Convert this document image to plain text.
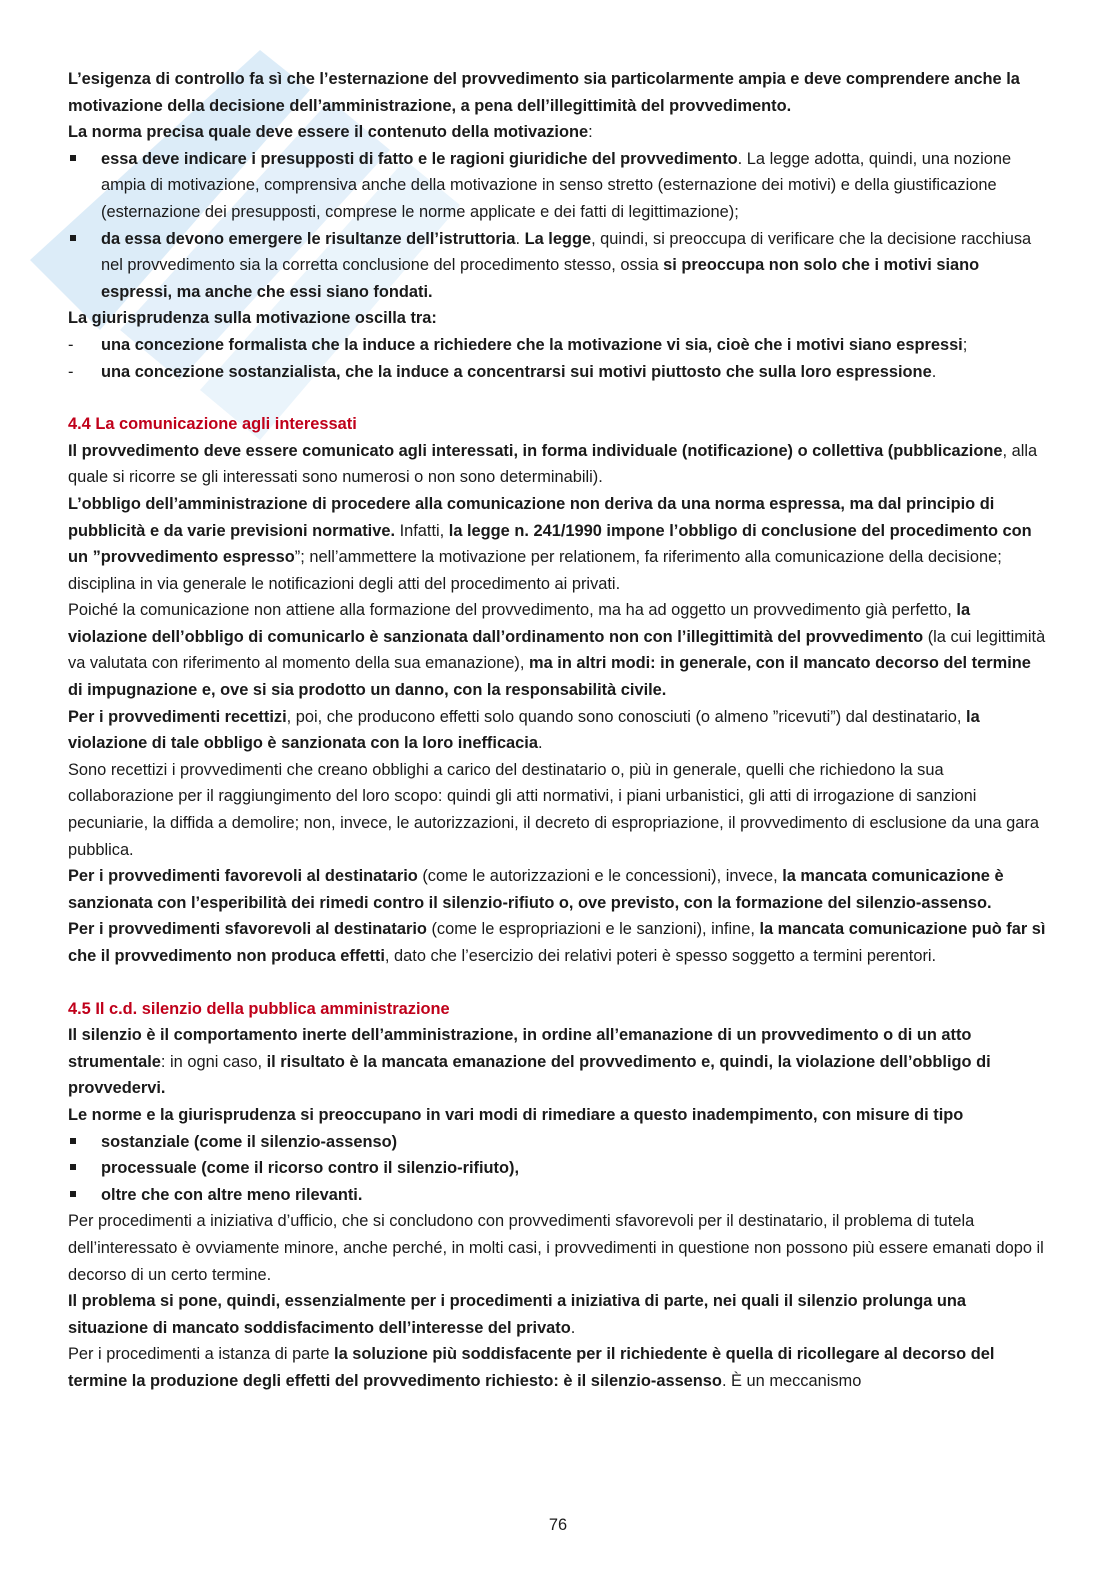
L’esigenza di controllo fa sì che l’esternazione del provvedimento sia particolarmente ampia e deve comprendere anche la motivazione della decisione dell’amministrazione, a pena dell’illegittimità del provvedimento.

La norma precisa quale deve essere il contenuto della motivazione:

essa deve indicare i presupposti di fatto e le ragioni giuridiche del provvedimento. La legge adotta, quindi, una nozione ampia di motivazione, comprensiva anche della motivazione in senso stretto (esternazione dei motivi) e della giustificazione (esternazione dei presupposti, comprese le norme applicate e dei fatti di legittimazione);
da essa devono emergere le risultanze dell’istruttoria. La legge, quindi, si preoccupa di verificare che la decisione racchiusa nel provvedimento sia la corretta conclusione del procedimento stesso, ossia si preoccupa non solo che i motivi siano espressi, ma anche che essi siano fondati.

La giurisprudenza sulla motivazione oscilla tra:

una concezione formalista che la induce a richiedere che la motivazione vi sia, cioè che i motivi siano espressi;
una concezione sostanzialista, che la induce a concentrarsi sui motivi piuttosto che sulla loro espressione.
4.4 La comunicazione agli interessati

Il provvedimento deve essere comunicato agli interessati, in forma individuale (notificazione) o collettiva (pubblicazione, alla quale si ricorre se gli interessati sono numerosi o non sono determinabili).

L’obbligo dell’amministrazione di procedere alla comunicazione non deriva da una norma espressa, ma dal principio di pubblicità e da varie previsioni normative. Infatti, la legge n. 241/1990 impone l’obbligo di conclusione del procedimento con un ”provvedimento espresso”; nell’ammettere la motivazione per relationem, fa riferimento alla comunicazione della decisione; disciplina in via generale le notificazioni degli atti del procedimento ai privati.

Poiché la comunicazione non attiene alla formazione del provvedimento, ma ha ad oggetto un provvedimento già perfetto, la violazione dell’obbligo di comunicarlo è sanzionata dall’ordinamento non con l’illegittimità del provvedimento (la cui legittimità va valutata con riferimento al momento della sua emanazione), ma in altri modi: in generale, con il mancato decorso del termine di impugnazione e, ove si sia prodotto un danno, con la responsabilità civile.

Per i provvedimenti recettizi, poi, che producono effetti solo quando sono conosciuti (o almeno ”ricevuti”) dal destinatario, la violazione di tale obbligo è sanzionata con la loro inefficacia.

Sono recettizi i provvedimenti che creano obblighi a carico del destinatario o, più in generale, quelli che richiedono la sua collaborazione per il raggiungimento del loro scopo: quindi gli atti normativi, i piani urbanistici, gli atti di irrogazione di sanzioni pecuniarie, la diffida a demolire; non, invece, le autorizzazioni, il decreto di espropriazione, il provvedimento di esclusione da una gara pubblica.

Per i provvedimenti favorevoli al destinatario (come le autorizzazioni e le concessioni), invece, la mancata comunicazione è sanzionata con l’esperibilità dei rimedi contro il silenzio-rifiuto o, ove previsto, con la formazione del silenzio-assenso.

Per i provvedimenti sfavorevoli al destinatario (come le espropriazioni e le sanzioni), infine, la mancata comunicazione può far sì che il provvedimento non produca effetti, dato che l’esercizio dei relativi poteri è spesso soggetto a termini perentori.

4.5 Il c.d. silenzio della pubblica amministrazione

Il silenzio è il comportamento inerte dell’amministrazione, in ordine all’emanazione di un provvedimento o di un atto strumentale: in ogni caso, il risultato è la mancata emanazione del provvedimento e, quindi, la violazione dell’obbligo di provvedervi.

Le norme e la giurisprudenza si preoccupano in vari modi di rimediare a questo inadempimento, con misure di tipo

sostanziale (come il silenzio-assenso)
processuale (come il ricorso contro il silenzio-rifiuto),
oltre che con altre meno rilevanti.

Per procedimenti a iniziativa d’ufficio, che si concludono con provvedimenti sfavorevoli per il destinatario, il problema di tutela dell’interessato è ovviamente minore, anche perché, in molti casi, i provvedimenti in questione non possono più essere emanati dopo il decorso di un certo termine.

Il problema si pone, quindi, essenzialmente per i procedimenti a iniziativa di parte, nei quali il silenzio prolunga una situazione di mancato soddisfacimento dell’interesse del privato.

Per i procedimenti a istanza di parte la soluzione più soddisfacente per il richiedente è quella di ricollegare al decorso del termine la produzione degli effetti del provvedimento richiesto: è il silenzio-assenso. È un meccanismo

76
